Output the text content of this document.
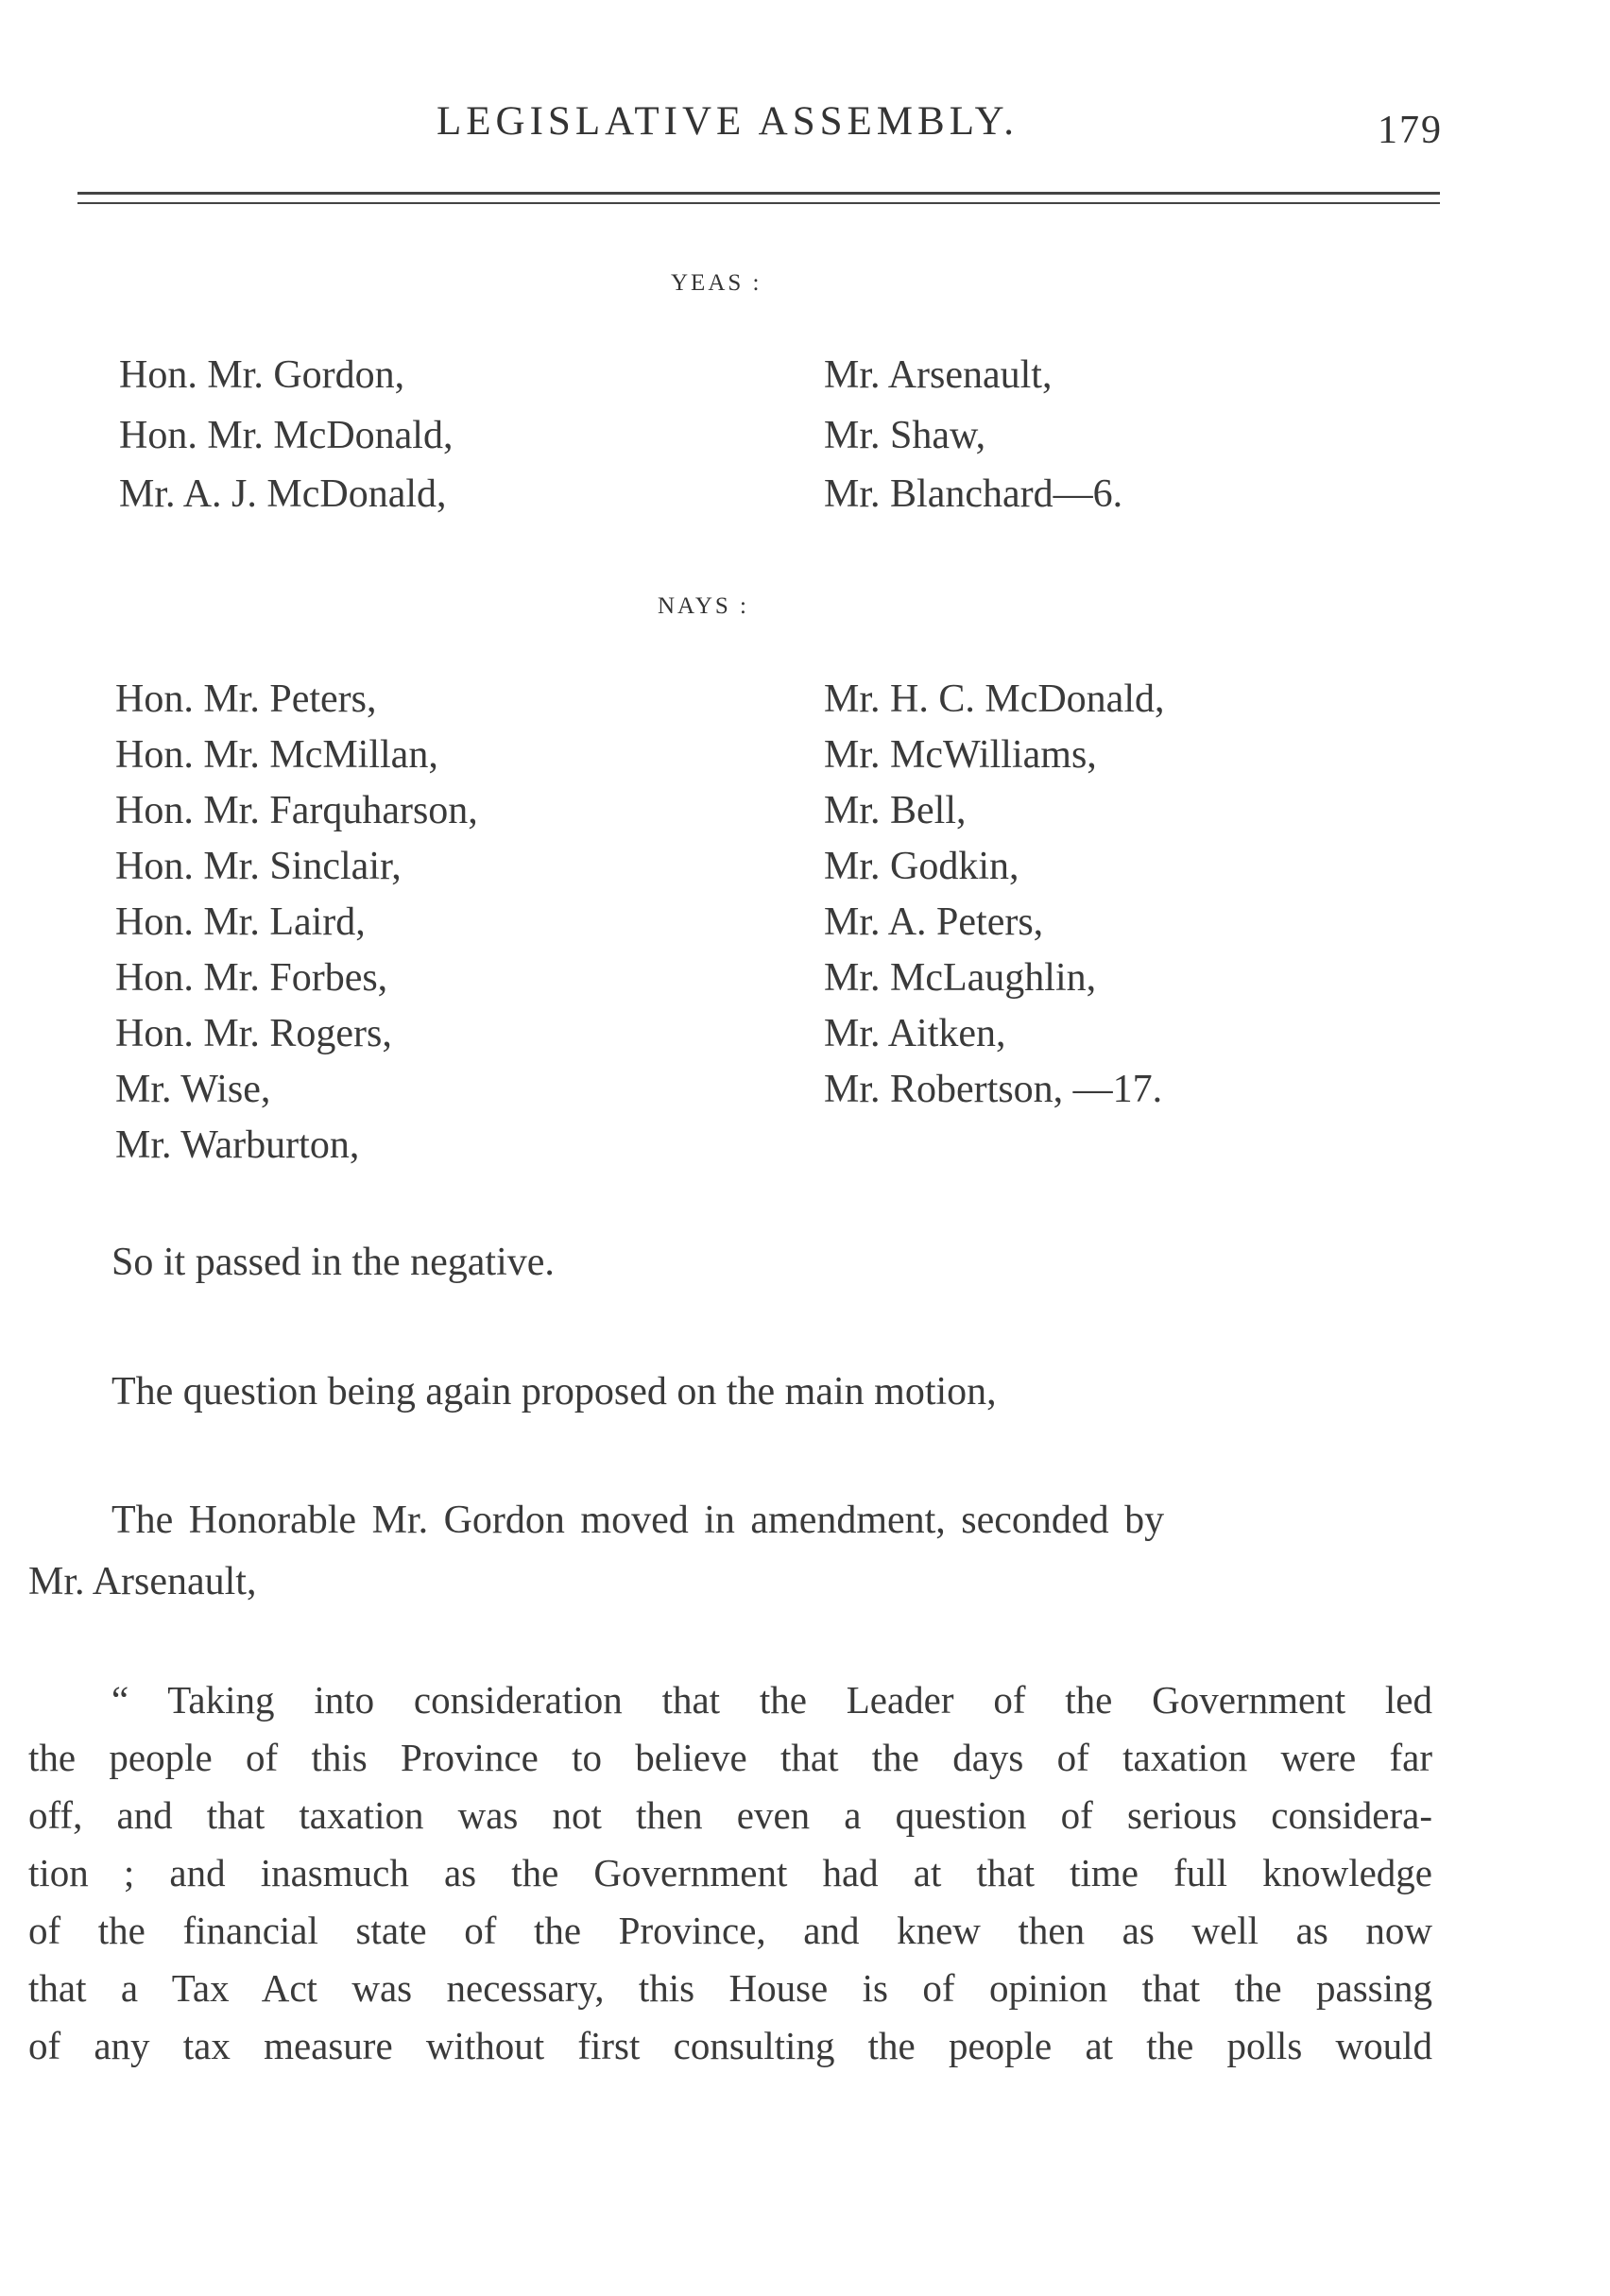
LEGISLATIVE ASSEMBLY.	179
YEAS :
Hon. Mr. Gordon,
Hon. Mr. McDonald,
Mr. A. J. McDonald,
Mr. Arsenault,
Mr. Shaw,
Mr. Blanchard—6.
NAYS :
Hon. Mr. Peters,
Hon. Mr. McMillan,
Hon. Mr. Farquharson,
Hon. Mr. Sinclair,
Hon. Mr. Laird,
Hon. Mr. Forbes,
Hon. Mr. Rogers,
Mr. Wise,
Mr. Warburton,
Mr. H. C. McDonald,
Mr. McWilliams,
Mr. Bell,
Mr. Godkin,
Mr. A. Peters,
Mr. McLaughlin,
Mr. Aitken,
Mr. Robertson, —17.
So it passed in the negative.
The question being again proposed on the main motion,
The Honorable Mr. Gordon moved in amendment, seconded by
Mr. Arsenault,
“ Taking into consideration that the Leader of the Government led
the people of this Province to believe that the days of taxation were far
off, and that taxation was not then even a question of serious considera-
tion ; and inasmuch as the Government had at that time full knowledge
of the financial state of the Province, and knew then as well as now
that a Tax Act was necessary, this House is of opinion that the passing
of any tax measure without first consulting the people at the polls would
